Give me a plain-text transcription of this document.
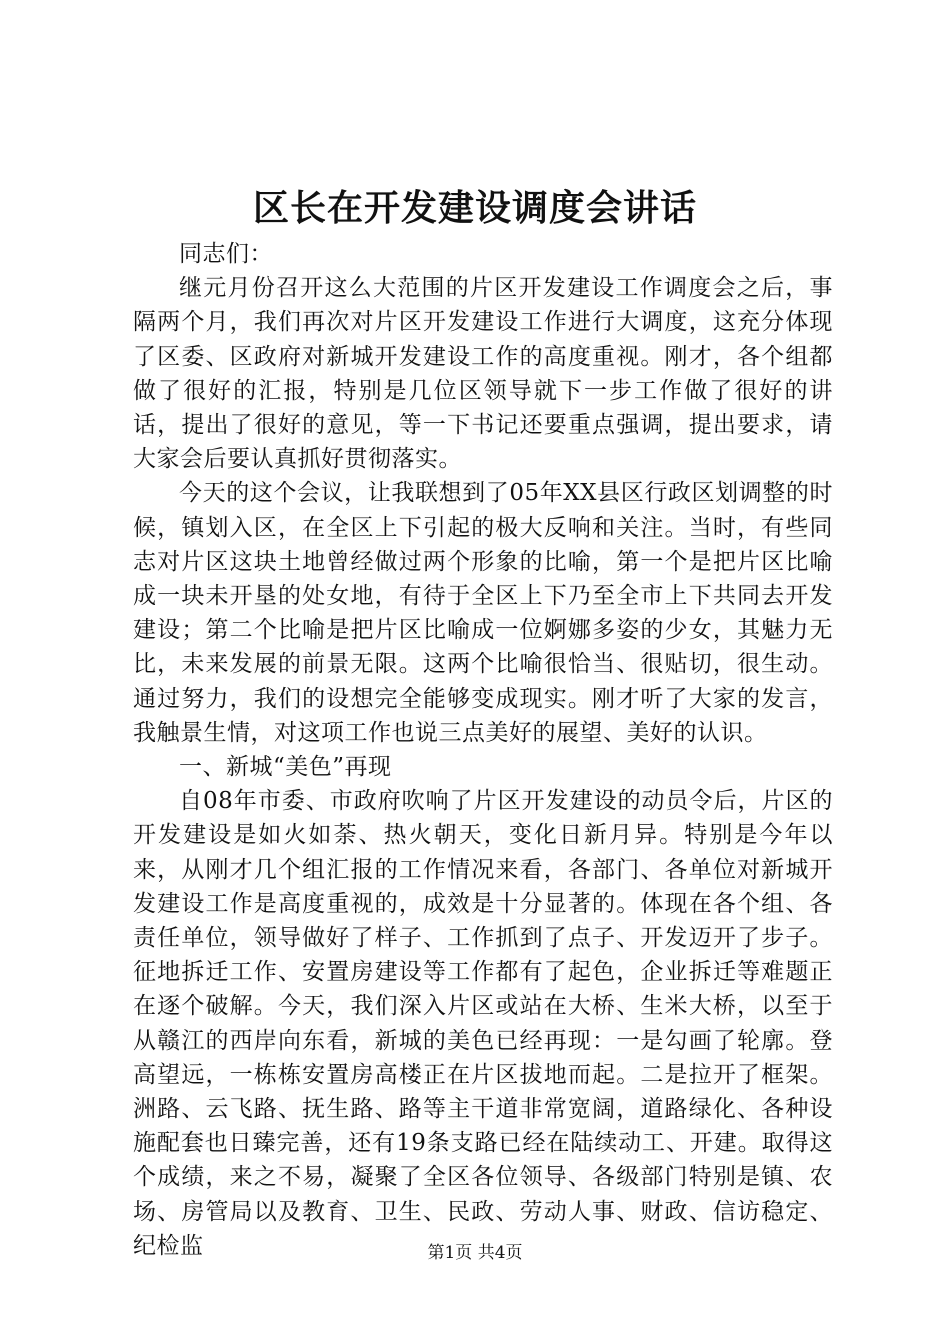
区长在开发建设调度会讲话

同志们：

继元月份召开这么大范围的片区开发建设工作调度会之后，事隔两个月，我们再次对片区开发建设工作进行大调度，这充分体现了区委、区政府对新城开发建设工作的高度重视。刚才，各个组都做了很好的汇报，特别是几位区领导就下一步工作做了很好的讲话，提出了很好的意见，等一下书记还要重点强调，提出要求，请大家会后要认真抓好贯彻落实。

今天的这个会议，让我联想到了05年XX县区行政区划调整的时候，镇划入区，在全区上下引起的极大反响和关注。当时，有些同志对片区这块土地曾经做过两个形象的比喻，第一个是把片区比喻成一块未开垦的处女地，有待于全区上下乃至全市上下共同去开发建设；第二个比喻是把片区比喻成一位婀娜多姿的少女，其魅力无比，未来发展的前景无限。这两个比喻很恰当、很贴切，很生动。通过努力，我们的设想完全能够变成现实。刚才听了大家的发言，我触景生情，对这项工作也说三点美好的展望、美好的认识。

一、新城“美色”再现

自08年市委、市政府吹响了片区开发建设的动员令后，片区的开发建设是如火如荼、热火朝天，变化日新月异。特别是今年以来，从刚才几个组汇报的工作情况来看，各部门、各单位对新城开发建设工作是高度重视的，成效是十分显著的。体现在各个组、各责任单位，领导做好了样子、工作抓到了点子、开发迈开了步子。征地拆迁工作、安置房建设等工作都有了起色，企业拆迁等难题正在逐个破解。今天，我们深入片区或站在大桥、生米大桥，以至于从赣江的西岸向东看，新城的美色已经再现：一是勾画了轮廓。登高望远，一栋栋安置房高楼正在片区拔地而起。二是拉开了框架。洲路、云飞路、抚生路、路等主干道非常宽阔，道路绿化、各种设施配套也日臻完善，还有19条支路已经在陆续动工、开建。取得这个成绩，来之不易，凝聚了全区各位领导、各级部门特别是镇、农场、房管局以及教育、卫生、民政、劳动人事、财政、信访稳定、纪检监	第1页 共4页
